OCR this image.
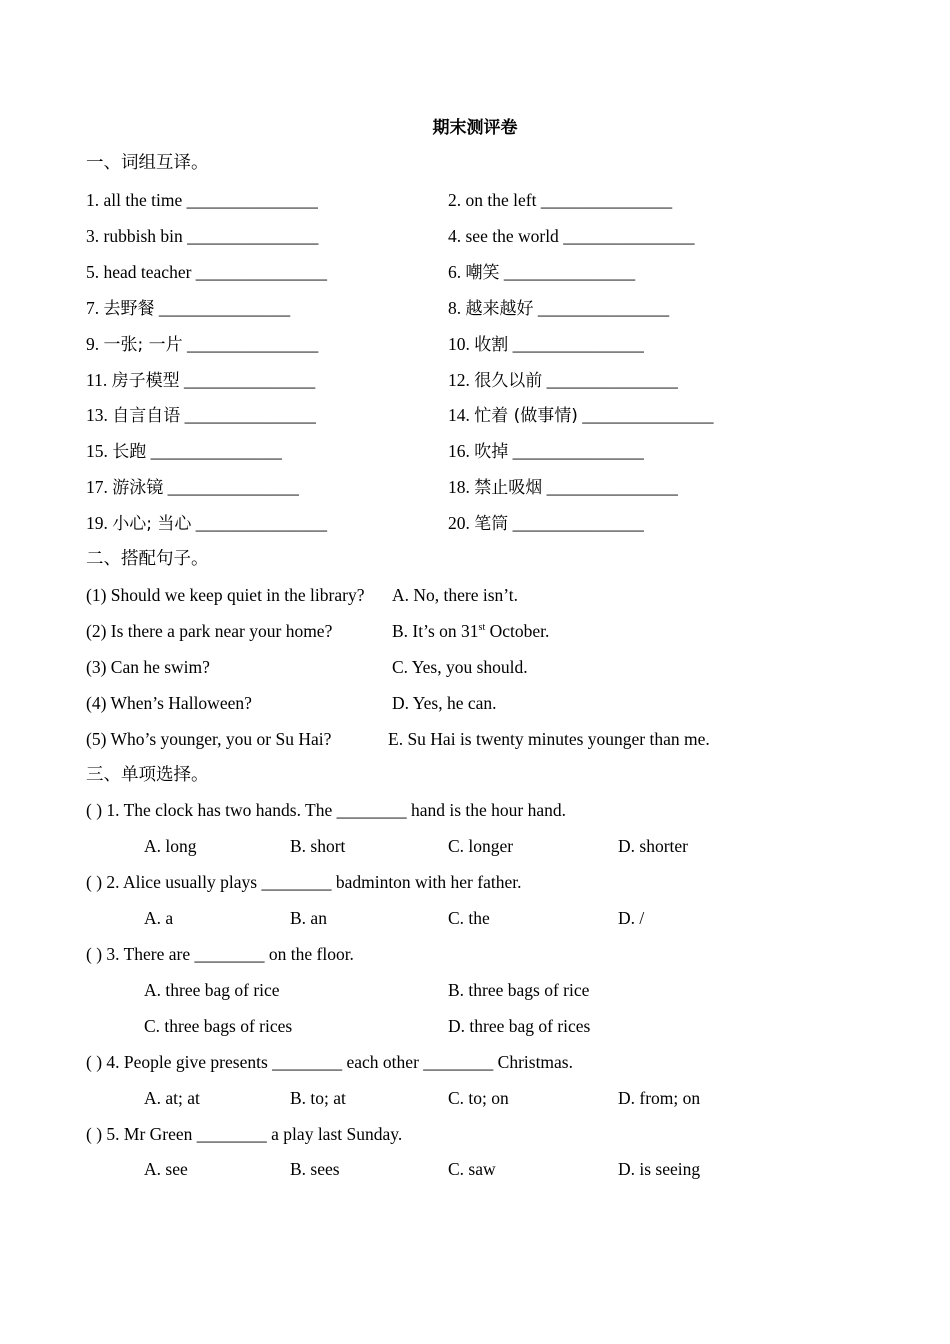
期末测评卷
一、词组互译。
1. all the time _______________	2. on the left _______________
3. rubbish bin _______________	4. see the world _______________
5. head teacher _______________	6. 嘲笑 _______________
7. 去野餐 _______________	8. 越来越好 _______________
9. 一张; 一片 _______________	10. 收割 _______________
11. 房子模型 _______________	12. 很久以前 _______________
13. 自言自语 _______________	14. 忙着 (做事情) _______________
15. 长跑 _______________	16. 吹掉 _______________
17. 游泳镜 _______________	18. 禁止吸烟 _______________
19. 小心; 当心 _______________	20. 笔筒 _______________
二、搭配句子。
(1) Should we keep quiet in the library? A. No, there isn’t.
(2) Is there a park near your home?	B. It’s on 31st October.
(3) Can he swim?	C. Yes, you should.
(4) When’s Halloween?	D. Yes, he can.
(5) Who’s younger, you or Su Hai?	E. Su Hai is twenty minutes younger than me.
三、单项选择。
( ) 1. The clock has two hands. The ________ hand is the hour hand.
A. long	B. short	C. longer	D. shorter
( ) 2. Alice usually plays ________ badminton with her father.
A. a	B. an	C. the	D. /
( ) 3. There are ________ on the floor.
A. three bag of rice	B. three bags of rice
C. three bags of rices	D. three bag of rices
( ) 4. People give presents ________ each other ________ Christmas.
A. at; at	B. to; at	C. to; on	D. from; on
( ) 5. Mr Green ________ a play last Sunday.
A. see	B. sees	C. saw	D. is seeing
